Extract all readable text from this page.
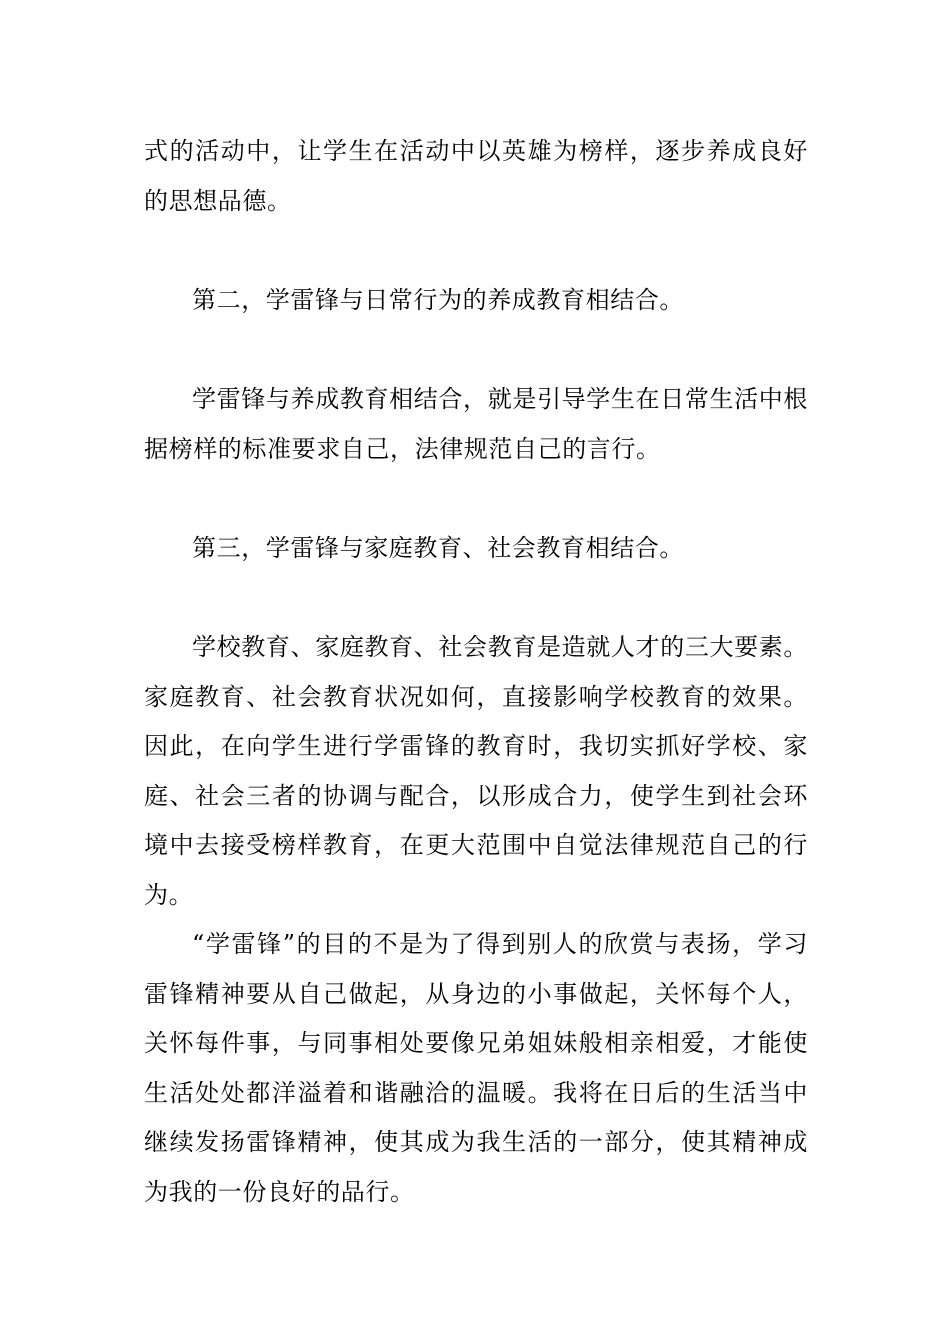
式的活动中，让学生在活动中以英雄为榜样，逐步养成良好的思想品德。

第二，学雷锋与日常行为的养成教育相结合。

学雷锋与养成教育相结合，就是引导学生在日常生活中根据榜样的标准要求自己，法律规范自己的言行。

第三，学雷锋与家庭教育、社会教育相结合。

学校教育、家庭教育、社会教育是造就人才的三大要素。家庭教育、社会教育状况如何，直接影响学校教育的效果。因此，在向学生进行学雷锋的教育时，我切实抓好学校、家庭、社会三者的协调与配合，以形成合力，使学生到社会环境中去接受榜样教育，在更大范围中自觉法律规范自己的行为。

“学雷锋”的目的不是为了得到别人的欣赏与表扬，学习雷锋精神要从自己做起，从身边的小事做起，关怀每个人，关怀每件事，与同事相处要像兄弟姐妹般相亲相爱，才能使生活处处都洋溢着和谐融洽的温暖。我将在日后的生活当中继续发扬雷锋精神，使其成为我生活的一部分，使其精神成为我的一份良好的品行。
